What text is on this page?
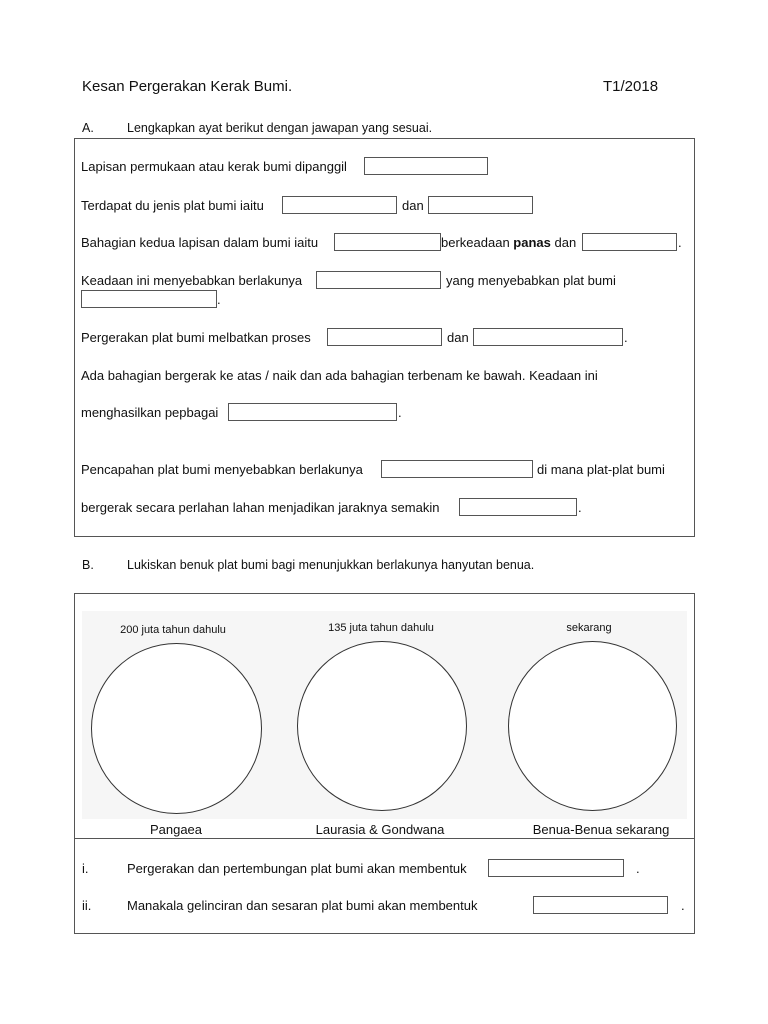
Kesan Pergerakan Kerak Bumi.	T1/2018
A.	Lengkapkan ayat berikut dengan jawapan yang sesuai.
Lapisan permukaan atau kerak bumi dipanggil
Terdapat du jenis plat bumi iaitu	dan
Bahagian kedua lapisan dalam bumi iaitu	berkeadaan panas dan	.
Keadaan ini menyebabkan berlakunya	yang menyebabkan plat bumi
.
Pergerakan plat bumi melbatkan proses	dan	.
Ada bahagian bergerak ke atas / naik dan ada bahagian terbenam ke bawah. Keadaan ini
menghasilkan pepbagai	.
Pencapahan plat bumi menyebabkan berlakunya	di mana plat-plat bumi
bergerak secara perlahan lahan menjadikan jaraknya semakin	.
B.	Lukiskan benuk plat bumi bagi menunjukkan berlakunya hanyutan benua.
200 juta tahun dahulu
Pangaea
135 juta tahun dahulu
Laurasia & Gondwana
sekarang
Benua-Benua sekarang
i.	Pergerakan dan pertembungan plat bumi akan membentuk	.
ii.	Manakala gelinciran dan sesaran plat bumi akan membentuk	.
